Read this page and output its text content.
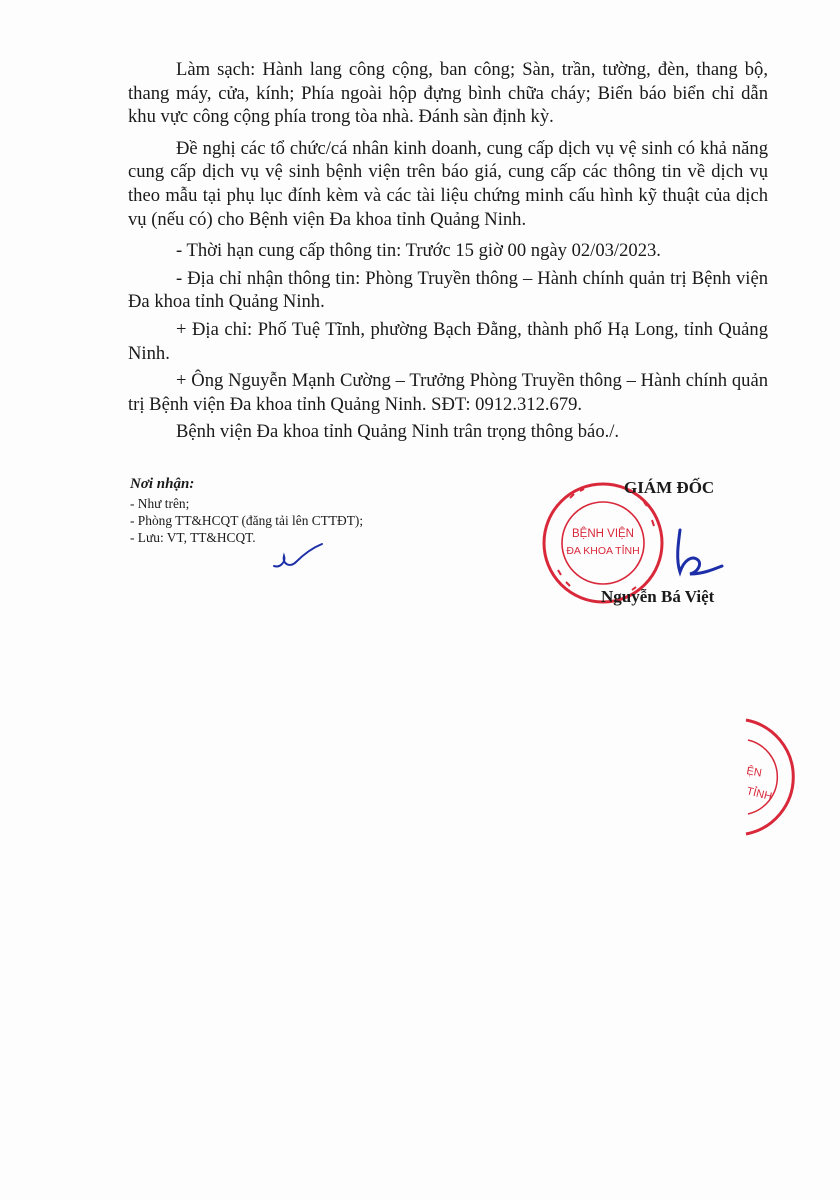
Làm sạch: Hành lang công cộng, ban công; Sàn, trần, tường, đèn, thang bộ, thang máy, cửa, kính; Phía ngoài hộp đựng bình chữa cháy; Biển báo biển chỉ dẫn khu vực công cộng phía trong tòa nhà. Đánh sàn định kỳ.

Đề nghị các tổ chức/cá nhân kinh doanh, cung cấp dịch vụ vệ sinh có khả năng cung cấp dịch vụ vệ sinh bệnh viện trên báo giá, cung cấp các thông tin về dịch vụ theo mẫu tại phụ lục đính kèm và các tài liệu chứng minh cấu hình kỹ thuật của dịch vụ (nếu có) cho Bệnh viện Đa khoa tỉnh Quảng Ninh.

- Thời hạn cung cấp thông tin: Trước 15 giờ 00 ngày 02/03/2023.

- Địa chỉ nhận thông tin: Phòng Truyền thông – Hành chính quản trị Bệnh viện Đa khoa tỉnh Quảng Ninh.

+ Địa chỉ: Phố Tuệ Tĩnh, phường Bạch Đằng, thành phố Hạ Long, tỉnh Quảng Ninh.

+ Ông Nguyễn Mạnh Cường – Trưởng Phòng Truyền thông – Hành chính quản trị Bệnh viện Đa khoa tỉnh Quảng Ninh. SĐT: 0912.312.679.

Bệnh viện Đa khoa tỉnh Quảng Ninh trân trọng thông báo./.

Nơi nhận:
- Như trên;
- Phòng TT&HCQT (đăng tải lên CTTĐT);
- Lưu: VT, TT&HCQT.	BỆNH VIỆN
ĐA KHOA TỈNH
GIÁM ĐỐC
Nguyễn Bá Việt
ỆN
TỈNH
